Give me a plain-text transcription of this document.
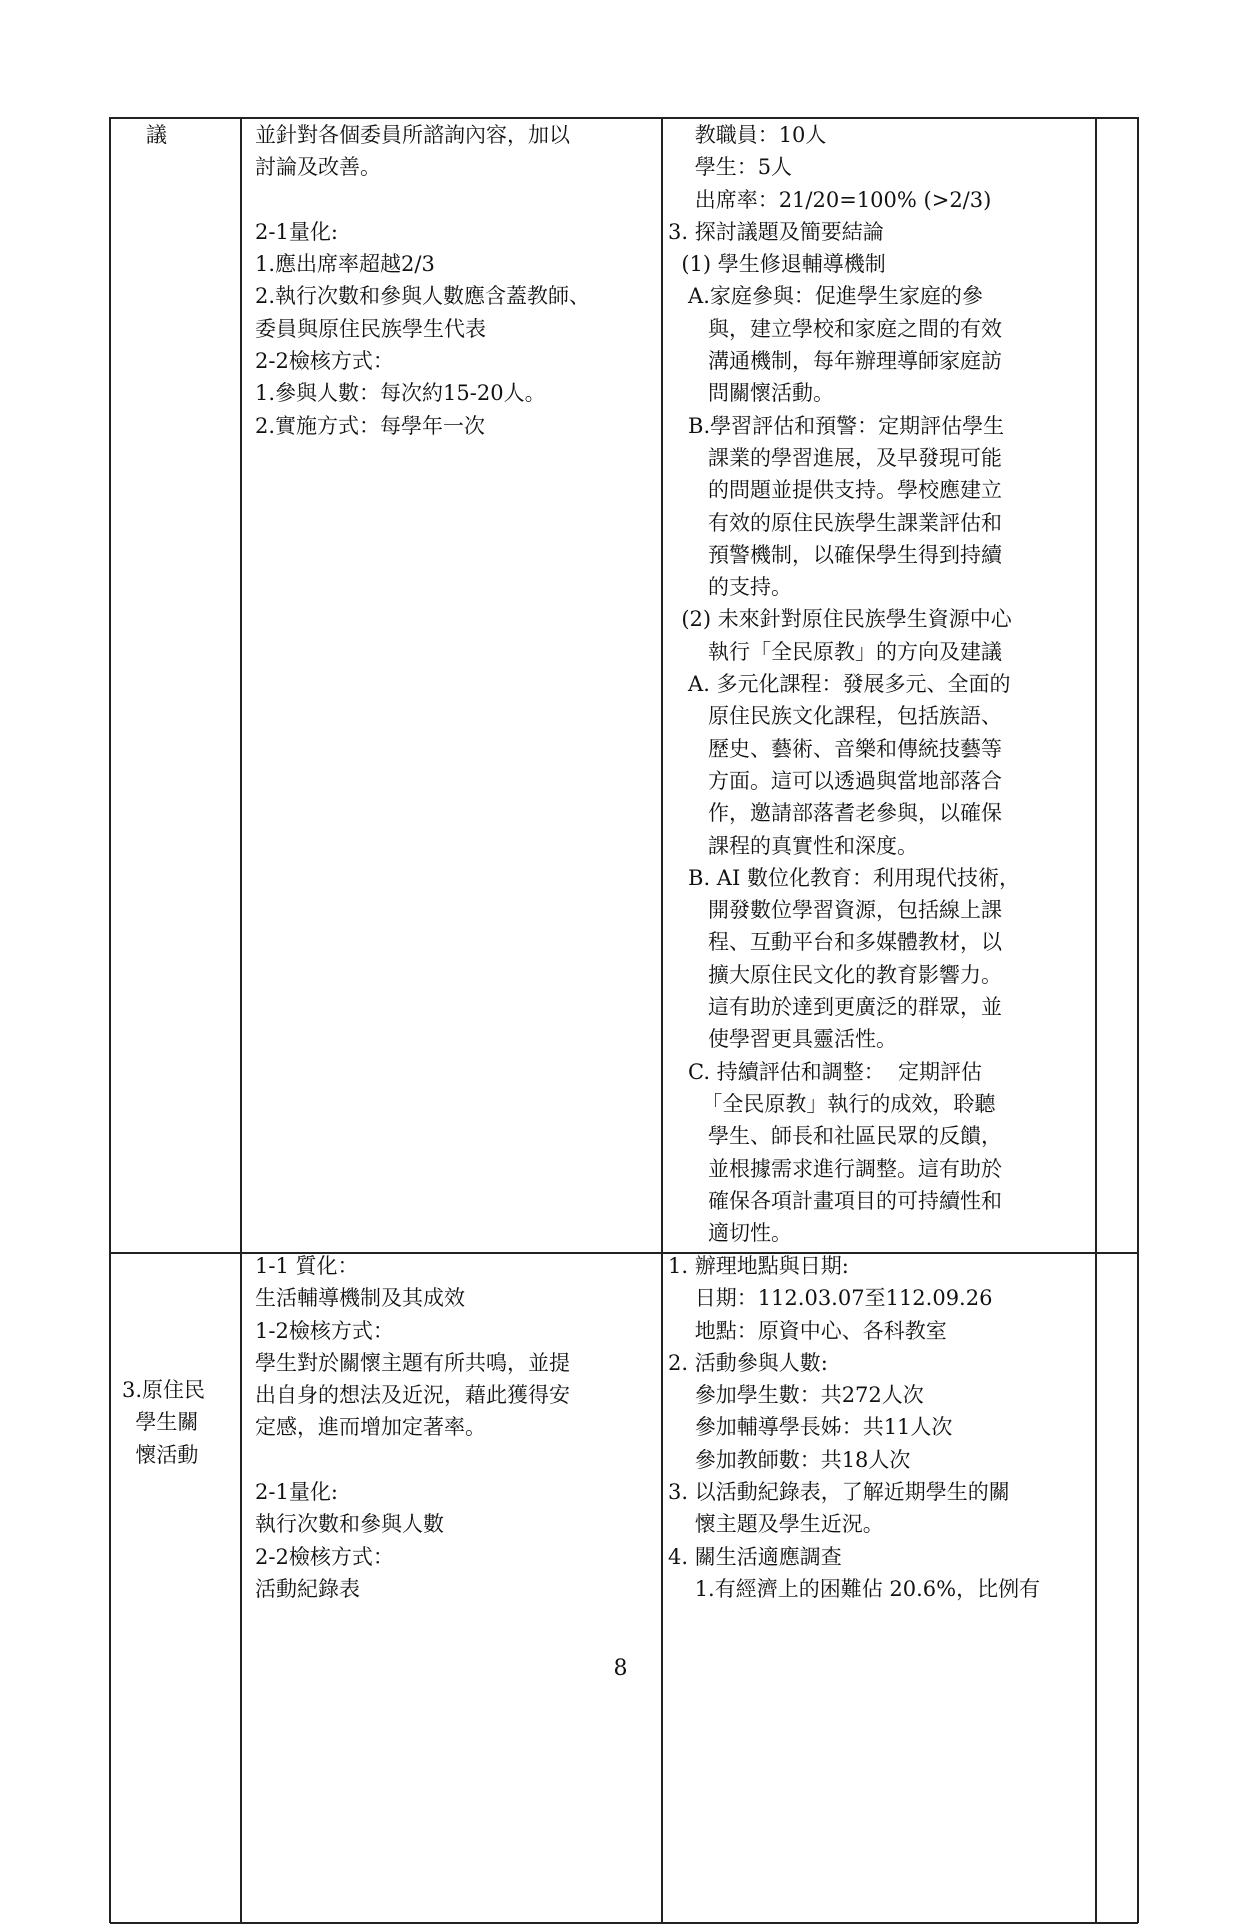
議	並針對各個委員所諮詢內容，加以
討論及改善。
2-1量化:
1.應出席率超越2/3
2.執行次數和參與人數應含蓋教師、
委員與原住民族學生代表
2-2檢核方式：
1.參與人數：每次約15-20人。
2.實施方式：每學年一次
教職員：10人
學生：5人
出席率：21/20=100% (>2/3)
3. 探討議題及簡要結論
(1) 學生修退輔導機制
A.家庭參與：促進學生家庭的參
與，建立學校和家庭之間的有效
溝通機制，每年辦理導師家庭訪
問關懷活動。
B.學習評估和預警：定期評估學生
課業的學習進展，及早發現可能
的問題並提供支持。學校應建立
有效的原住民族學生課業評估和
預警機制，以確保學生得到持續
的支持。
(2) 未來針對原住民族學生資源中心
執行「全民原教」的方向及建議
A. 多元化課程：發展多元、全面的
原住民族文化課程，包括族語、
歷史、藝術、音樂和傳統技藝等
方面。這可以透過與當地部落合
作，邀請部落耆老參與，以確保
課程的真實性和深度。
B. AI 數位化教育：利用現代技術，
開發數位學習資源，包括線上課
程、互動平台和多媒體教材，以
擴大原住民文化的教育影響力。
這有助於達到更廣泛的群眾，並
使學習更具靈活性。
C. 持續評估和調整：  定期評估
「全民原教」執行的成效，聆聽
學生、師長和社區民眾的反饋，
並根據需求進行調整。這有助於
確保各項計畫項目的可持續性和
適切性。
3.原住民
學生關
懷活動
1-1 質化：
生活輔導機制及其成效
1-2檢核方式：
學生對於關懷主題有所共鳴，並提
出自身的想法及近況，藉此獲得安
定感，進而增加定著率。
2-1量化:
執行次數和參與人數
2-2檢核方式：
活動紀錄表
1. 辦理地點與日期:
日期：112.03.07至112.09.26
地點：原資中心、各科教室
2. 活動參與人數:
參加學生數：共272人次
參加輔導學長姊：共11人次
參加教師數：共18人次
3. 以活動紀錄表，了解近期學生的關
懷主題及學生近況。
4. 關生活適應調查
1.有經濟上的困難佔 20.6%，比例有
8
